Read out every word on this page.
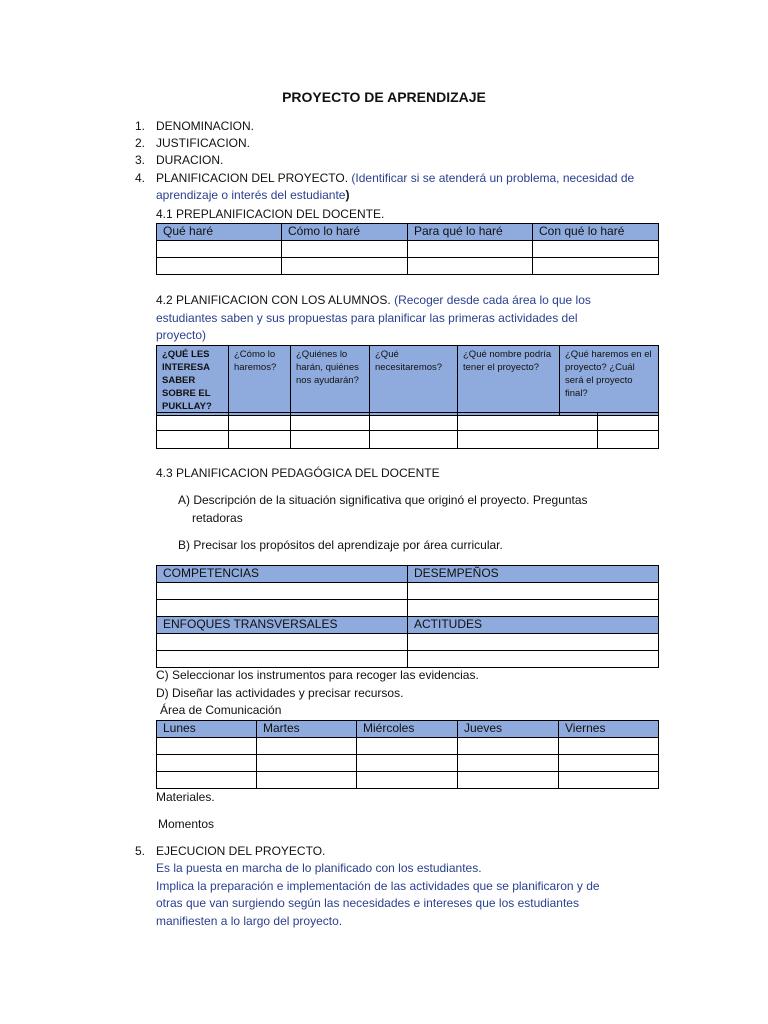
PROYECTO DE APRENDIZAJE
1. DENOMINACION.
2. JUSTIFICACION.
3. DURACION.
4. PLANIFICACION DEL PROYECTO. (Identificar si se atenderá un problema, necesidad de
aprendizaje o interés del estudiante)
4.1 PREPLANIFICACION DEL DOCENTE.
Qué haré	Cómo lo haré	Para qué lo haré	Con qué lo haré

4.2 PLANIFICACION CON LOS ALUMNOS. (Recoger desde cada área lo que los
estudiantes saben y sus propuestas para planificar las primeras actividades del
proyecto)
¿QUÉ LES INTERESA SABER SOBRE EL PUKLLAY?	¿Cómo lo haremos?	¿Quiénes lo harán, quiénes nos ayudarán?	¿Qué necesitaremos?	¿Qué nombre podría tener el proyecto?	¿Qué haremos en el proyecto? ¿Cuál será el proyecto final?

4.3 PLANIFICACION PEDAGÓGICA DEL DOCENTE
A) Descripción de la situación significativa que originó el proyecto. Preguntas
retadoras
B) Precisar los propósitos del aprendizaje por área curricular.
COMPETENCIAS	DESEMPEÑOS

ENFOQUES TRANSVERSALES	ACTITUDES

C) Seleccionar los instrumentos para recoger las evidencias.
D) Diseñar las actividades y precisar recursos.
Área de Comunicación
Lunes	Martes	Miércoles	Jueves	Viernes

Materiales.
Momentos
5. EJECUCION DEL PROYECTO.
Es la puesta en marcha de lo planificado con los estudiantes.
Implica la preparación e implementación de las actividades que se planificaron y de
otras que van surgiendo según las necesidades e intereses que los estudiantes
manifiesten a lo largo del proyecto.
